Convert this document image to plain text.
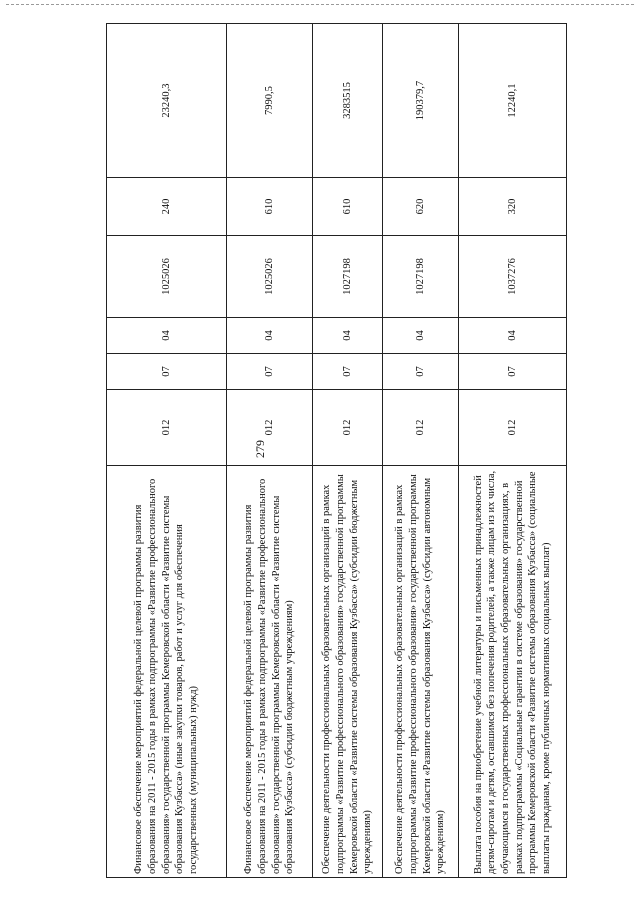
279
Финансовое обеспечение мероприятий федеральной целевой программы развития образования на 2011 - 2015 годы в рамках подпрограммы «Развитие профессионального образования» государственной программы Кемеровской области «Развитие системы образования Кузбасса» (иные закупки товаров, работ и услуг для обеспечения государственных (муниципальных) нужд)	012	07	04	1025026	240	23240,3
Финансовое обеспечение мероприятий федеральной целевой программы развития образования на 2011 - 2015 годы в рамках подпрограммы «Развитие профессионального образования» государственной программы Кемеровской области «Развитие системы образования Кузбасса» (субсидии бюджетным учреждениям)	012	07	04	1025026	610	7990,5
Обеспечение деятельности профессиональных образовательных организаций в рамках подпрограммы «Развитие профессионального образования» государственной программы Кемеровской области «Развитие системы образования Кузбасса» (субсидии бюджетным учреждениям)	012	07	04	1027198	610	3283515
Обеспечение деятельности профессиональных образовательных организаций в рамках подпрограммы «Развитие профессионального образования» государственной программы Кемеровской области «Развитие системы образования Кузбасса» (субсидии автономным учреждениям)	012	07	04	1027198	620	190379,7
Выплата пособия на приобретение учебной литературы и письменных принадлежностей детям-сиротам и детям, оставшимся без попечения родителей, а также лицам из их числа, обучающимся в государственных профессиональных образовательных организациях, в рамках подпрограммы «Социальные гарантии в системе образования» государственной программы Кемеровской области «Развитие системы образования Кузбасса» (социальные выплаты гражданам, кроме публичных нормативных социальных выплат)	012	07	04	1037276	320	12240,1
